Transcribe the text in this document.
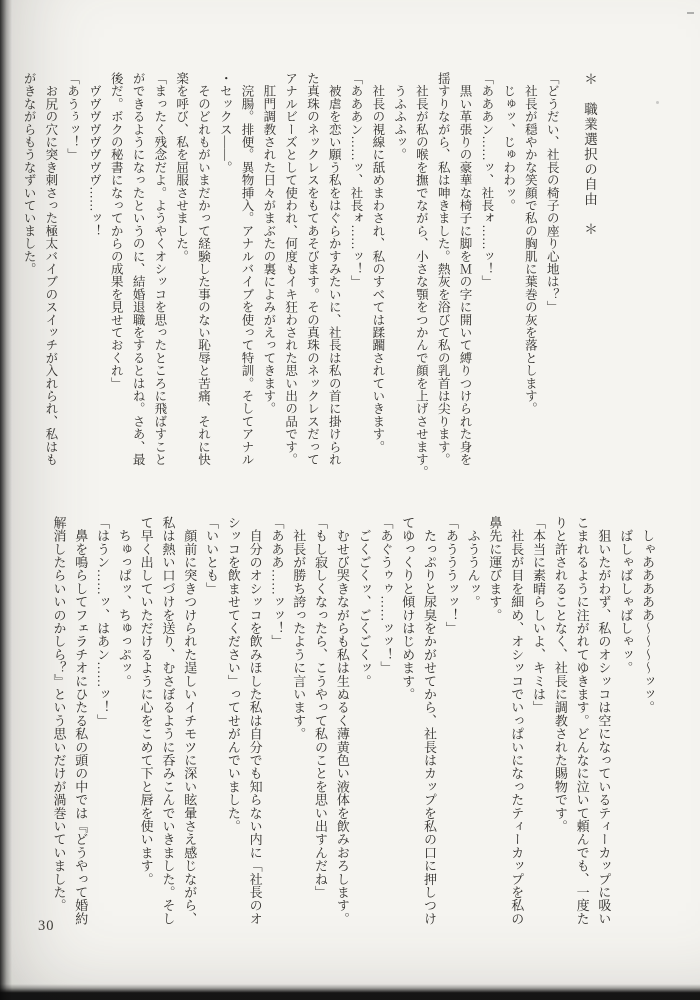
＊　職業選択の自由　＊
「どうだい、社長の椅子の座り心地は？」
　社長が穏やかな笑顔で私の胸肌に葉巻の灰を落とします。
　じゅッ、じゅわわッ。
「あああン……ッ、社長ォ……ッ！」
　黒い革張りの豪華な椅子に脚をＭの字に開いて縛りつけられた身を
揺すりながら、私は呻きました。熱灰を浴びて私の乳首は尖ります。
　社長が私の喉を撫でながら、小さな顎をつかんで顔を上げさせます。
　うふふふッ。
　社長の視線に舐めまわされ、私のすべては蹂躙されていきます。
「あああン……ッ、社長ォ……ッ！」
　被虐を恋い願う私をはぐらかすみたいに、社長は私の首に掛けられ
た真珠のネックレスをもてあそびます。その真珠のネックレスだって
アナルビーズとして使われ、何度もイキ狂わされた思い出の品です。
　肛門調教された日々がまぶたの裏によみがえってきます。
　浣腸。排便。異物挿入。アナルバイブを使って特訓。そしてアナル
・セックス——。
　そのどれもがいまだかって経験した事のない恥辱と苦痛、それに快
楽を呼び、私を屈服させました。
「まったく残念だよ。ようやくオシッコを思ったところに飛ばすこと
ができるようになったというのに、結婚退職をするとはね。さあ、最
後だ。ボクの秘書になってからの成果を見せておくれ」
　ヴヴヴヴヴヴヴヴ……ッ！
「あうぅッ！」
　お尻の穴に突き刺さった極太バイブのスイッチが入れられ、私はも
がきながらもうなずいていました。
　しゃあああああ〜〜〜〜ッッ。
　ばしゃばしゃばしゃッ。
　狙いたがわず、私のオシッコは空になっているティーカップに吸い
こまれるように注がれてゆきます。どんなに泣いて頼んでも、一度た
りと許されることなく、社長に調教された賜物です。
「本当に素晴らしいよ、キミは」
　社長が目を細め、オシッコでいっぱいになったティーカップを私の
鼻先に運びます。
　ふううんッ。
「あうううッッ！」
　たっぷりと尿臭をかがせてから、社長はカップを私の口に押しつけ
てゆっくりと傾けはじめます。
「あぐうゥゥ……ッッ！」
　ごくごくッ、ごくごくッ。
　むせび哭きながらも私は生ぬるく薄黄色い液体を飲みおろします。
「もし寂しくなったら、こうやって私のことを思い出すんだね」
　社長が勝ち誇ったように言います。
「あああ……ッッ！」
　自分のオシッコを飲みほした私は自分でも知らない内に「社長のオ
シッコを飲ませてください」ってせがんでいました。
「いいとも」
　顔前に突きつけられた逞しいイチモツに深い眩暈さえ感じながら、
私は熱い口づけを送り、むさぼるように呑みこんでいきました。そし
て早く出していただけるように心をこめて下と唇を使います。
　ちゅっぱッ、ちゅっぷッ。
「はうン……ッ、はあン……ッ！」
　鼻を鳴らしてフェラチオにひたる私の頭の中では『どうやって婚約
解消したらいいのかしら？』という思いだけが渦巻いていました。
30
